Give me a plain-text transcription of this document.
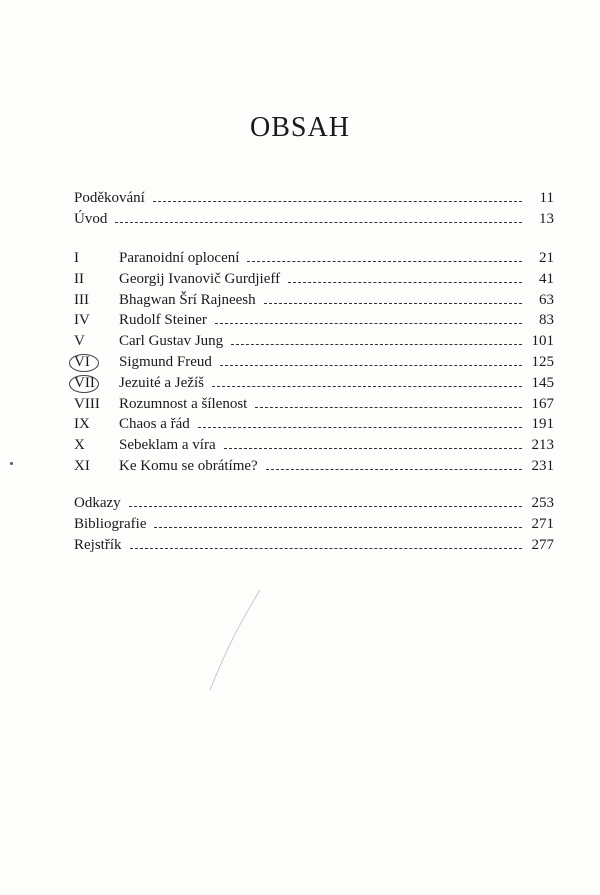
OBSAH
Poděkování	11
Úvod	13
I	Paranoidní oplocení	21
II	Georgij Ivanovič Gurdjieff	41
III	Bhagwan Šrí Rajneesh	63
IV	Rudolf Steiner	83
V	Carl Gustav Jung	101
VI	Sigmund Freud	125
VII	Jezuité a Ježíš	145
VIII	Rozumnost a šílenost	167
IX	Chaos a řád	191
X	Sebeklam a víra	213
XI	Ke Komu se obrátíme?	231
Odkazy	253
Bibliografie	271
Rejstřík	277
